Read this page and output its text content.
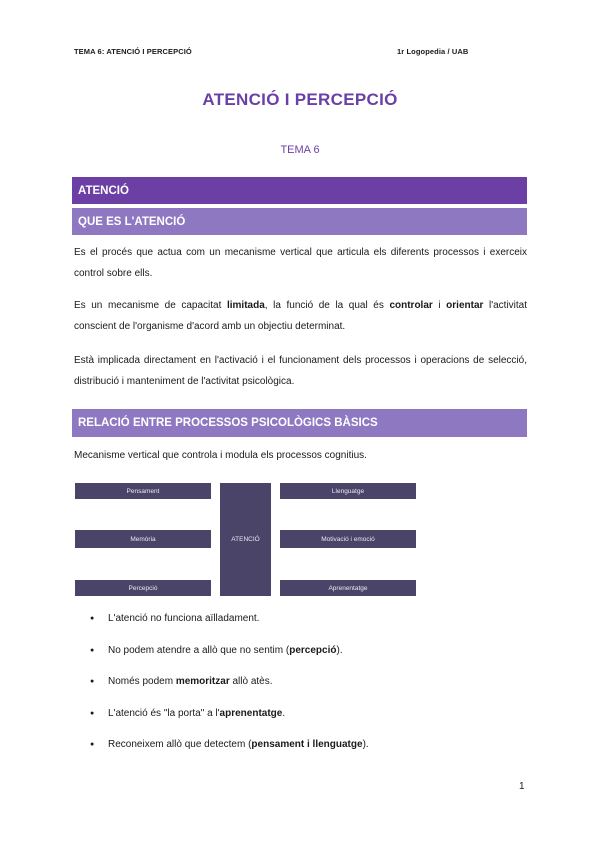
TEMA 6: ATENCIÓ I PERCEPCIÓ	1r Logopedia / UAB
ATENCIÓ I PERCEPCIÓ
TEMA 6
ATENCIÓ
QUE ES L'ATENCIÓ
Es el procés que actua com un mecanisme vertical que articula els diferents processos i exerceix control sobre ells.
Es un mecanisme de capacitat limitada, la funció de la qual és controlar i orientar l'activitat conscient de l'organisme d'acord amb un objectiu determinat.
Està implicada directament en l'activació i el funcionament dels processos i operacions de selecció, distribució i manteniment de l'activitat psicològica.
RELACIÓ ENTRE PROCESSOS PSICOLÒGICS BÀSICS
Mecanisme vertical que controla i modula els processos cognitius.
Pensament
Memòria
Percepció
ATENCIÓ
Llenguatge
Motivació i emoció
Aprenentatge
● L'atenció no funciona aïlladament.
● No podem atendre a allò que no sentim (percepció).
● Només podem memoritzar allò atès.
● L'atenció és "la porta" a l'aprenentatge.
● Reconeixem allò que detectem (pensament i llenguatge).
1
